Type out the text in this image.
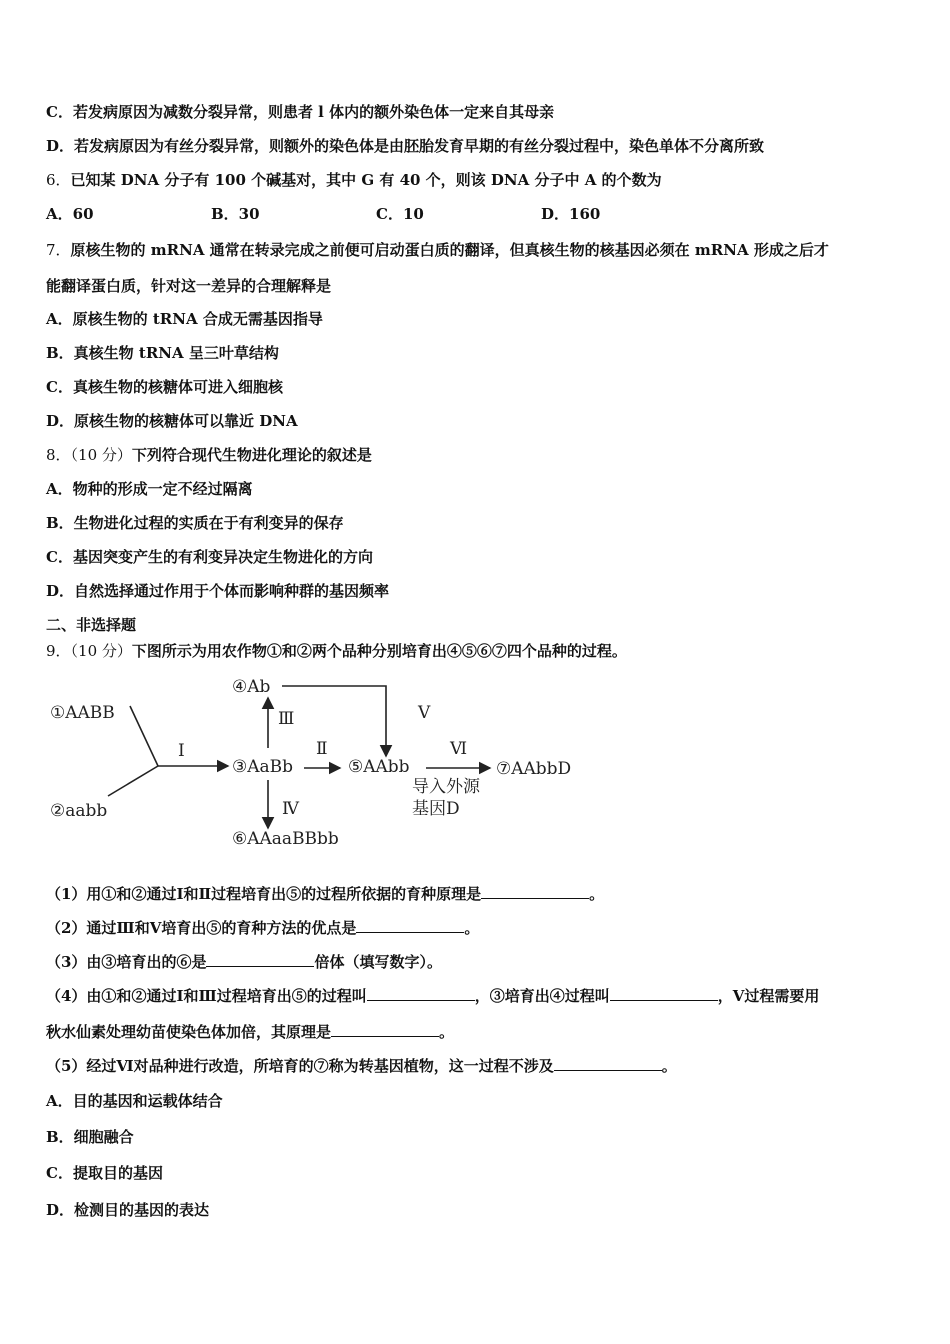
C．若发病原因为减数分裂异常，则患者 l 体内的额外染色体一定来自其母亲
D．若发病原因为有丝分裂异常，则额外的染色体是由胚胎发育早期的有丝分裂过程中，染色单体不分离所致
6．已知某 DNA 分子有 100 个碱基对，其中 G 有 40 个，则该 DNA 分子中 A 的个数为
A．60	B．30	C．10	D．160
7．原核生物的 mRNA 通常在转录完成之前便可启动蛋白质的翻译，但真核生物的核基因必须在 mRNA 形成之后才
能翻译蛋白质，针对这一差异的合理解释是
A．原核生物的 tRNA 合成无需基因指导
B．真核生物 tRNA 呈三叶草结构
C．真核生物的核糖体可进入细胞核
D．原核生物的核糖体可以靠近 DNA
8．（10 分）下列符合现代生物进化理论的叙述是
A．物种的形成一定不经过隔离
B．生物进化过程的实质在于有利变异的保存
C．基因突变产生的有利变异决定生物进化的方向
D．自然选择通过作用于个体而影响种群的基因频率
二、非选择题
9．（10 分）下图所示为用农作物①和②两个品种分别培育出④⑤⑥⑦四个品种的过程。
①AABB
②aabb
③AaBb
④Ab
⑤AAbb
⑥AAaaBBbb
⑦AAbbD
Ⅰ	Ⅱ
Ⅲ
Ⅳ
Ⅴ
Ⅵ
导入外源
基因D
（1）用①和②通过Ⅰ和Ⅱ过程培育出⑤的过程所依据的育种原理是	。
（2）通过Ⅲ和Ⅴ培育出⑤的育种方法的优点是	。
（3）由③培育出的⑥是	倍体（填写数字）。
（4）由①和②通过Ⅰ和Ⅲ过程培育出⑤的过程叫	，③培育出④过程叫	，Ⅴ过程需要用
秋水仙素处理幼苗使染色体加倍，其原理是	。
（5）经过Ⅵ对品种进行改造，所培育的⑦称为转基因植物，这一过程不涉及	。
A．目的基因和运载体结合
B．细胞融合
C．提取目的基因
D．检测目的基因的表达
